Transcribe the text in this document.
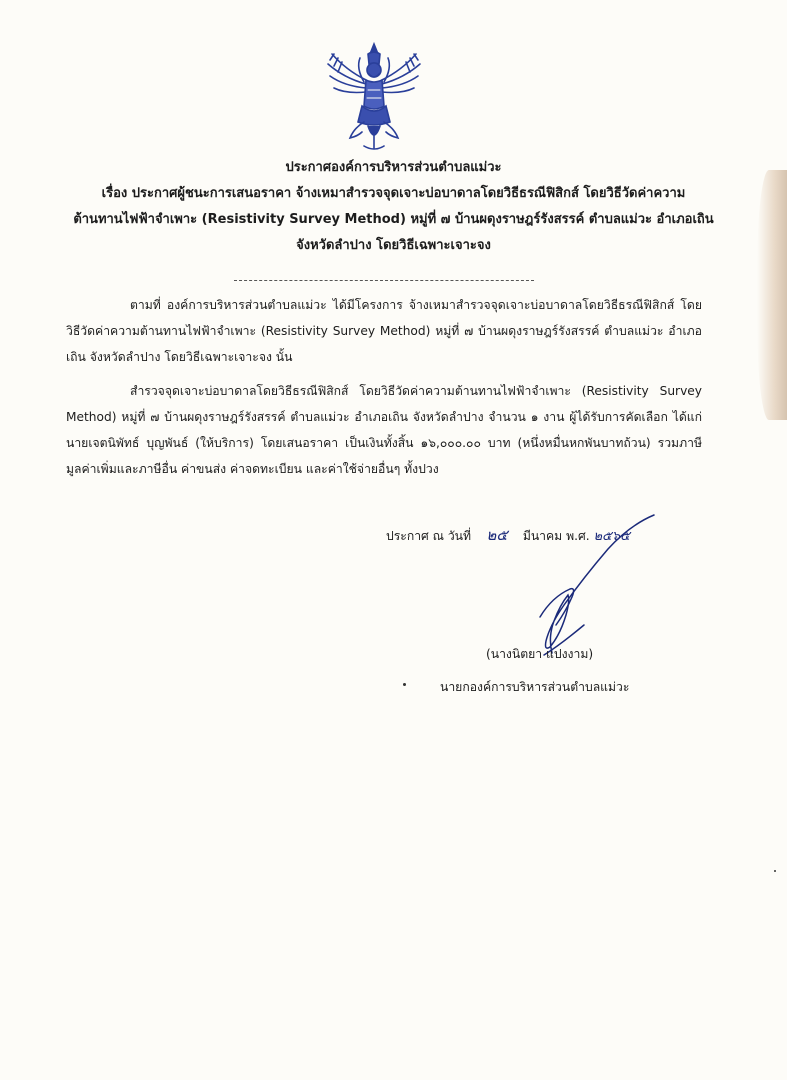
ประกาศองค์การบริหารส่วนตำบลแม่วะ
เรื่อง ประกาศผู้ชนะการเสนอราคา จ้างเหมาสำรวจจุดเจาะบ่อบาดาลโดยวิธีธรณีฟิสิกส์ โดยวิธีวัดค่าความ
ต้านทานไฟฟ้าจำเพาะ (Resistivity Survey Method) หมู่ที่ ๗ บ้านผดุงราษฎร์รังสรรค์ ตำบลแม่วะ อำเภอเถิน
จังหวัดลำปาง โดยวิธีเฉพาะเจาะจง
ตามที่ องค์การบริหารส่วนตำบลแม่วะ ได้มีโครงการ จ้างเหมาสำรวจจุดเจาะบ่อบาดาลโดยวิธีธรณีฟิสิกส์ โดยวิธีวัดค่าความต้านทานไฟฟ้าจำเพาะ (Resistivity Survey Method) หมู่ที่ ๗ บ้านผดุงราษฎร์รังสรรค์ ตำบลแม่วะ อำเภอเถิน จังหวัดลำปาง โดยวิธีเฉพาะเจาะจง นั้น
สำรวจจุดเจาะบ่อบาดาลโดยวิธีธรณีฟิสิกส์ โดยวิธีวัดค่าความต้านทานไฟฟ้าจำเพาะ (Resistivity Survey Method) หมู่ที่ ๗ บ้านผดุงราษฎร์รังสรรค์ ตำบลแม่วะ อำเภอเถิน จังหวัดลำปาง จำนวน ๑ งาน ผู้ได้รับการคัดเลือก ได้แก่ นายเจตนิพัทธ์ บุญพันธ์ (ให้บริการ) โดยเสนอราคา เป็นเงินทั้งสิ้น ๑๖,๐๐๐.๐๐ บาท (หนึ่งหมื่นหกพันบาทถ้วน) รวมภาษีมูลค่าเพิ่มและภาษีอื่น ค่าขนส่ง ค่าจดทะเบียน และค่าใช้จ่ายอื่นๆ ทั้งปวง
ประกาศ ณ วันที่ ๒๕ มีนาคม พ.ศ. ๒๕๖๕
(นางนิตยา แปงงาม)
นายกองค์การบริหารส่วนตำบลแม่วะ
